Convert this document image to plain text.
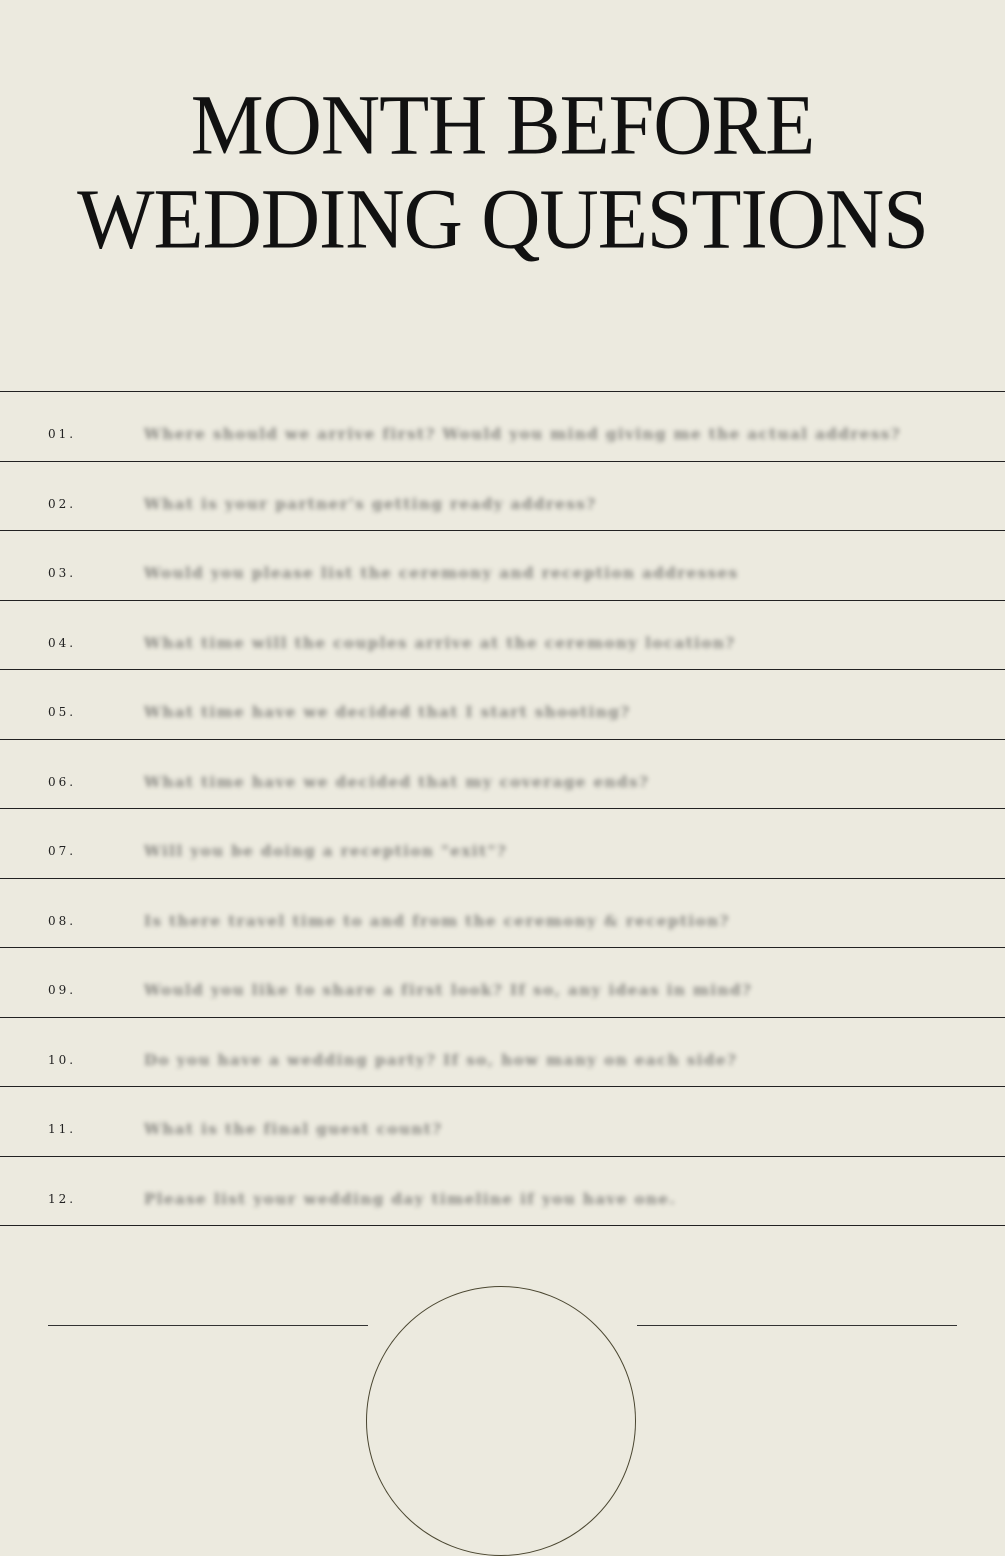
MONTH BEFORE
WEDDING QUESTIONS
01.	Where should we arrive first? Would you mind giving me the actual address?
02.	What is your partner's getting ready address?
03.	Would you please list the ceremony and reception addresses
04.	What time will the couples arrive at the ceremony location?
05.	What time have we decided that I start shooting?
06.	What time have we decided that my coverage ends?
07.	Will you be doing a reception "exit"?
08.	Is there travel time to and from the ceremony & reception?
09.	Would you like to share a first look? If so, any ideas in mind?
10.	Do you have a wedding party? If so, how many on each side?
11.	What is the final guest count?
12.	Please list your wedding day timeline if you have one.
